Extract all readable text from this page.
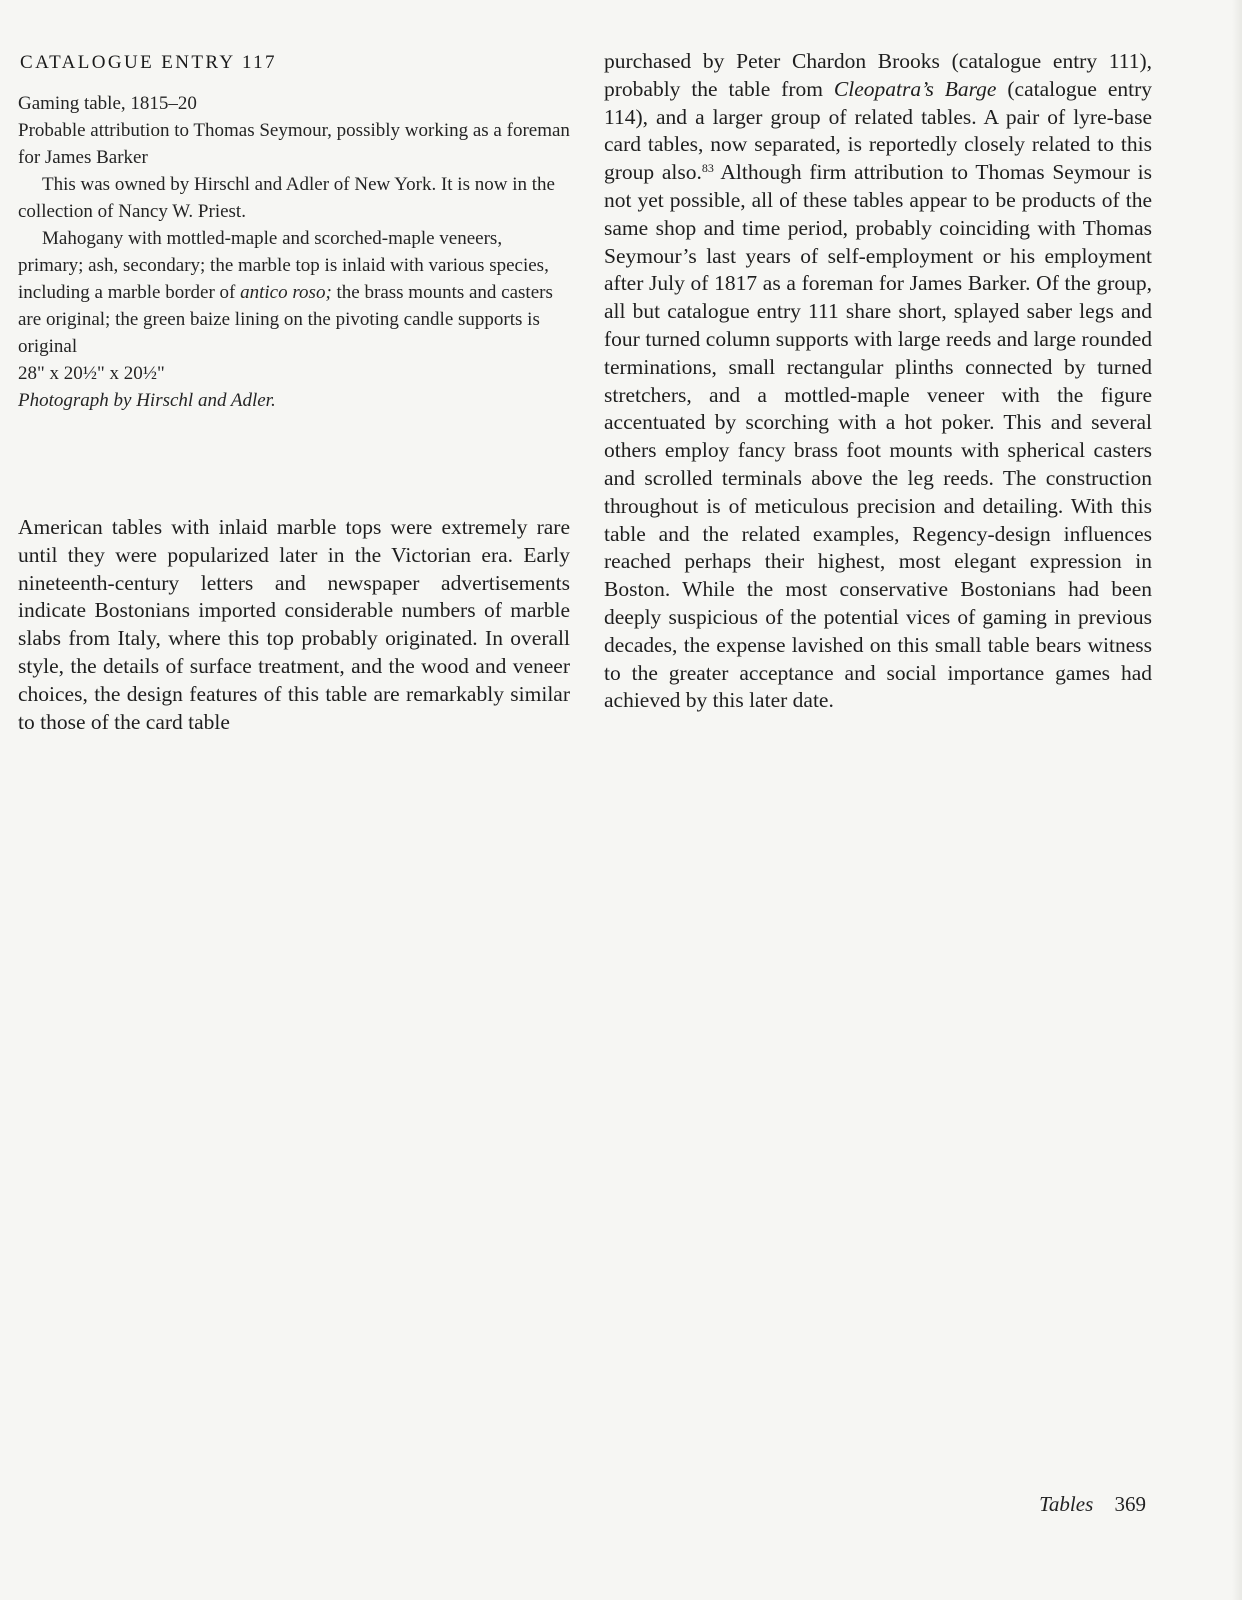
CATALOGUE ENTRY 117

Gaming table, 1815–20

Probable attribution to Thomas Seymour, possibly working as a foreman for James Barker

This was owned by Hirschl and Adler of New York. It is now in the collection of Nancy W. Priest.

Mahogany with mottled-maple and scorched-maple veneers, primary; ash, secondary; the marble top is inlaid with various species, including a marble border of antico roso; the brass mounts and casters are original; the green baize lining on the pivoting candle supports is original

28" x 20½" x 20½"

Photograph by Hirschl and Adler.

American tables with inlaid marble tops were extremely rare until they were popularized later in the Victorian era. Early nineteenth-century letters and newspaper advertisements indicate Bostonians imported considerable numbers of marble slabs from Italy, where this top probably originated. In overall style, the details of surface treatment, and the wood and veneer choices, the design features of this table are remarkably similar to those of the card table

purchased by Peter Chardon Brooks (catalogue entry 111), probably the table from Cleopatra’s Barge (catalogue entry 114), and a larger group of related tables. A pair of lyre-base card tables, now separated, is reportedly closely related to this group also.$^{83}$ Although firm attribution to Thomas Seymour is not yet possible, all of these tables appear to be products of the same shop and time period, probably coinciding with Thomas Seymour’s last years of self-employment or his employment after July of 1817 as a foreman for James Barker. Of the group, all but catalogue entry 111 share short, splayed saber legs and four turned column supports with large reeds and large rounded terminations, small rectangular plinths connected by turned stretchers, and a mottled-maple veneer with the figure accentuated by scorching with a hot poker. This and several others employ fancy brass foot mounts with spherical casters and scrolled terminals above the leg reeds. The construction throughout is of meticulous precision and detailing. With this table and the related examples, Regency-design influences reached perhaps their highest, most elegant expression in Boston. While the most conservative Bostonians had been deeply suspicious of the potential vices of gaming in previous decades, the expense lavished on this small table bears witness to the greater acceptance and social importance games had achieved by this later date.

Tables 369
